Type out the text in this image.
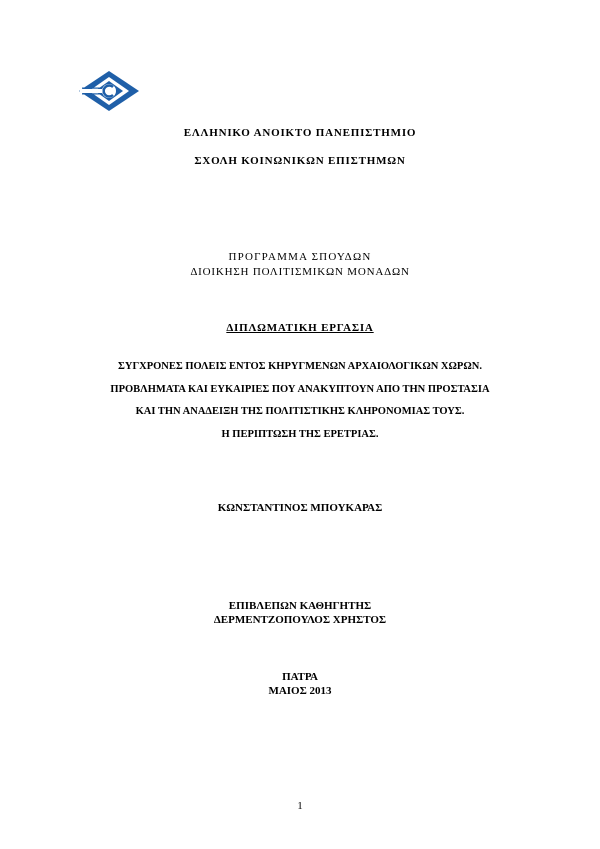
ΕΛΛΗΝΙΚΟ ΑΝΟΙΚΤΟ ΠΑΝΕΠΙΣΤΗΜΙΟ
ΣΧΟΛΗ ΚΟΙΝΩΝΙΚΩΝ ΕΠΙΣΤΗΜΩΝ
ΠΡΟΓΡΑΜΜΑ ΣΠΟΥΔΩΝ
ΔΙΟΙΚΗΣΗ ΠΟΛΙΤΙΣΜΙΚΩΝ ΜΟΝΑΔΩΝ
ΔΙΠΛΩΜΑΤΙΚΗ ΕΡΓΑΣΙΑ
ΣΥΓΧΡΟΝΕΣ ΠΟΛΕΙΣ ΕΝΤΟΣ ΚΗΡΥΓΜΕΝΩΝ ΑΡΧΑΙΟΛΟΓΙΚΩΝ ΧΩΡΩΝ.
ΠΡΟΒΛΗΜΑΤΑ ΚΑΙ ΕΥΚΑΙΡΙΕΣ ΠΟΥ ΑΝΑΚΥΠΤΟΥΝ ΑΠΟ ΤΗΝ ΠΡΟΣΤΑΣΙΑ
ΚΑΙ ΤΗΝ ΑΝΑΔΕΙΞΗ ΤΗΣ ΠΟΛΙΤΙΣΤΙΚΗΣ ΚΛΗΡΟΝΟΜΙΑΣ ΤΟΥΣ.
Η ΠΕΡΙΠΤΩΣΗ ΤΗΣ ΕΡΕΤΡΙΑΣ.
ΚΩΝΣΤΑΝΤΙΝΟΣ ΜΠΟΥΚΑΡΑΣ
ΕΠΙΒΛΕΠΩΝ ΚΑΘΗΓΗΤΗΣ
ΔΕΡΜΕΝΤΖΟΠΟΥΛΟΣ ΧΡΗΣΤΟΣ
ΠΑΤΡΑ
ΜΑΙΟΣ 2013
1
